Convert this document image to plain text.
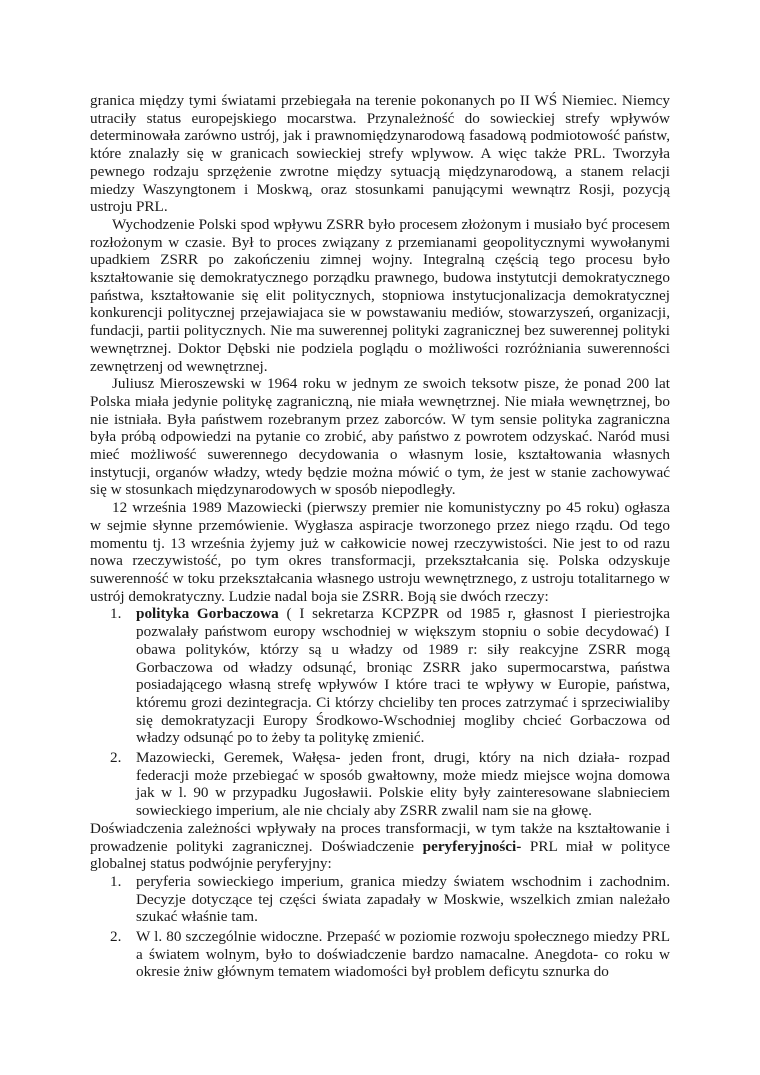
granica między tymi światami przebiegała na terenie pokonanych po II WŚ Niemiec. Niemcy utraciły status europejskiego mocarstwa. Przynależność do sowieckiej strefy wpływów determinowała zarówno ustrój, jak i prawnomiędzynarodową fasadową podmiotowość państw, które znalazły się w granicach sowieckiej strefy wplywow. A więc także PRL. Tworzyła pewnego rodzaju sprzężenie zwrotne między sytuacją międzynarodową, a stanem relacji miedzy Waszyngtonem i Moskwą, oraz stosunkami panującymi wewnątrz Rosji, pozycją ustroju PRL.

Wychodzenie Polski spod wpływu ZSRR było procesem złożonym i musiało być procesem rozłożonym w czasie. Był to proces związany z przemianami geopolitycznymi wywołanymi upadkiem ZSRR po zakończeniu zimnej wojny. Integralną częścią tego procesu było kształtowanie się demokratycznego porządku prawnego, budowa instytutcji demokratycznego państwa, kształtowanie się elit politycznych, stopniowa instytucjonalizacja demokratycznej konkurencji politycznej przejawiajaca sie w powstawaniu mediów, stowarzyszeń, organizacji, fundacji, partii politycznych. Nie ma suwerennej polityki zagranicznej bez suwerennej polityki wewnętrznej. Doktor Dębski nie podziela poglądu o możliwości rozróżniania suwerenności zewnętrzenj od wewnętrznej.

Juliusz Mieroszewski w 1964 roku w jednym ze swoich teksotw pisze, że ponad 200 lat Polska miała jedynie politykę zagraniczną, nie miała wewnętrznej. Nie miała wewnętrznej, bo nie istniała. Była państwem rozebranym przez zaborców. W tym sensie polityka zagraniczna była próbą odpowiedzi na pytanie co zrobić, aby państwo z powrotem odzyskać. Naród musi mieć możliwość suwerennego decydowania o własnym losie, kształtowania własnych instytucji, organów władzy, wtedy będzie można mówić o tym, że jest w stanie zachowywać się w stosunkach międzynarodowych w sposób niepodległy.

12 września 1989 Mazowiecki (pierwszy premier nie komunistyczny po 45 roku) ogłasza w sejmie słynne przemówienie. Wygłasza aspiracje tworzonego przez niego rządu. Od tego momentu tj. 13 września żyjemy już w całkowicie nowej rzeczywistości. Nie jest to od razu nowa rzeczywistość, po tym okres transformacji, przekształcania się. Polska odzyskuje suwerenność w toku przekształcania własnego ustroju wewnętrznego, z ustroju totalitarnego w ustrój demokratyczny. Ludzie nadal boja sie ZSRR. Boją sie dwóch rzeczy:

1. polityka Gorbaczowa ( I sekretarza KCPZPR od 1985 r, głasnost I pieriestrojka pozwalały państwom europy wschodniej w większym stopniu o sobie decydować) I obawa polityków, którzy są u władzy od 1989 r: siły reakcyjne ZSRR mogą Gorbaczowa od władzy odsunąć, broniąc ZSRR jako supermocarstwa, państwa posiadającego własną strefę wpływów I które traci te wpływy w Europie, państwa, któremu grozi dezintegracja. Ci którzy chcieliby ten proces zatrzymać i sprzeciwialiby się demokratyzacji Europy Środkowo-Wschodniej mogliby chcieć Gorbaczowa od władzy odsunąć po to żeby ta politykę zmienić.
2. Mazowiecki, Geremek, Wałęsa- jeden front, drugi, który na nich działa- rozpad federacji może przebiegać w sposób gwałtowny, może miedz miejsce wojna domowa jak w l. 90 w przypadku Jugosławii. Polskie elity były zainteresowane slabnieciem sowieckiego imperium, ale nie chcialy aby ZSRR zwalil nam sie na głowę.

Doświadczenia zależności wpływały na proces transformacji, w tym także na kształtowanie i prowadzenie polityki zagranicznej. Doświadczenie peryferyjności- PRL miał w polityce globalnej status podwójnie peryferyjny:

1. peryferia sowieckiego imperium, granica miedzy światem wschodnim i zachodnim. Decyzje dotyczące tej części świata zapadały w Moskwie, wszelkich zmian należało szukać właśnie tam.
2. W l. 80 szczególnie widoczne. Przepaść w poziomie rozwoju społecznego miedzy PRL a światem wolnym, było to doświadczenie bardzo namacalne. Anegdota- co roku w okresie żniw głównym tematem wiadomości był problem deficytu sznurka do
